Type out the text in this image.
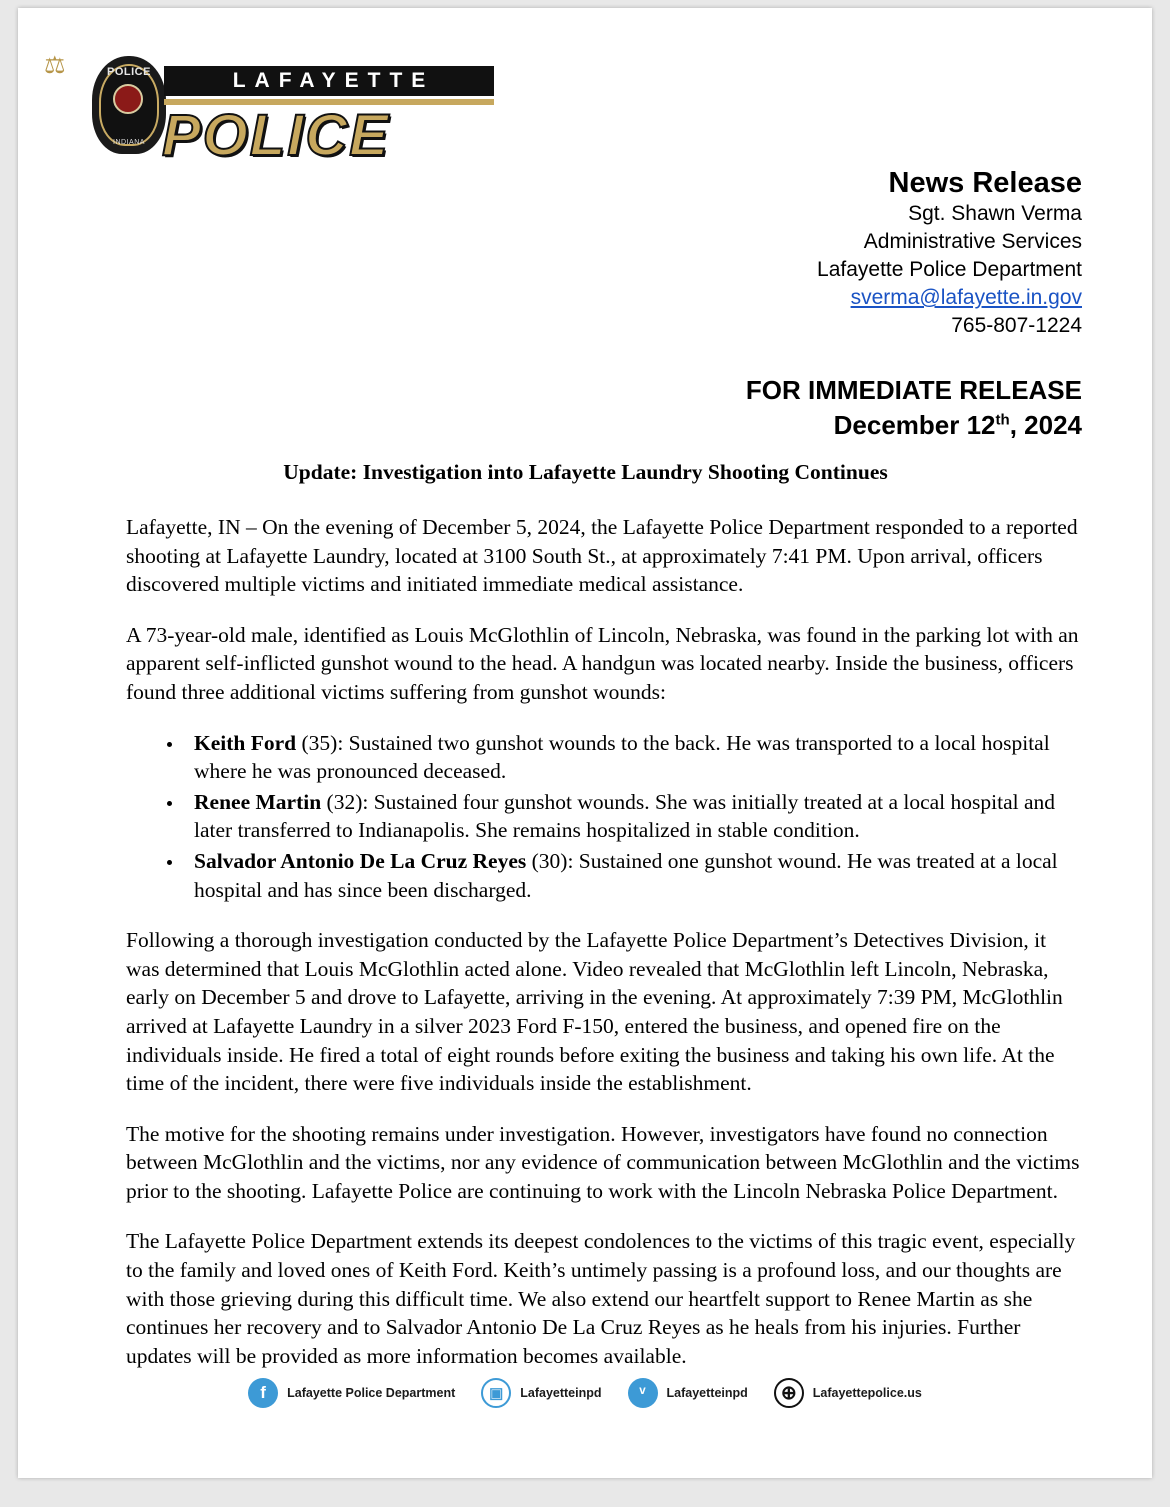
⚖	POLICE
INDIANA
LAFAYETTE
POLICE
News Release
Sgt. Shawn Verma
Administrative Services
Lafayette Police Department
sverma@lafayette.in.gov
765-807-1224
FOR IMMEDIATE RELEASE
December 12th, 2024
Update: Investigation into Lafayette Laundry Shooting Continues

Lafayette, IN – On the evening of December 5, 2024, the Lafayette Police Department responded to a reported shooting at Lafayette Laundry, located at 3100 South St., at approximately 7:41 PM. Upon arrival, officers discovered multiple victims and initiated immediate medical assistance.

A 73-year-old male, identified as Louis McGlothlin of Lincoln, Nebraska, was found in the parking lot with an apparent self-inflicted gunshot wound to the head. A handgun was located nearby. Inside the business, officers found three additional victims suffering from gunshot wounds:

• Keith Ford (35): Sustained two gunshot wounds to the back. He was transported to a local hospital where he was pronounced deceased.
• Renee Martin (32): Sustained four gunshot wounds. She was initially treated at a local hospital and later transferred to Indianapolis. She remains hospitalized in stable condition.
• Salvador Antonio De La Cruz Reyes (30): Sustained one gunshot wound. He was treated at a local hospital and has since been discharged.

Following a thorough investigation conducted by the Lafayette Police Department’s Detectives Division, it was determined that Louis McGlothlin acted alone. Video revealed that McGlothlin left Lincoln, Nebraska, early on December 5 and drove to Lafayette, arriving in the evening. At approximately 7:39 PM, McGlothlin arrived at Lafayette Laundry in a silver 2023 Ford F-150, entered the business, and opened fire on the individuals inside. He fired a total of eight rounds before exiting the business and taking his own life. At the time of the incident, there were five individuals inside the establishment.

The motive for the shooting remains under investigation. However, investigators have found no connection between McGlothlin and the victims, nor any evidence of communication between McGlothlin and the victims prior to the shooting. Lafayette Police are continuing to work with the Lincoln Nebraska Police Department.

The Lafayette Police Department extends its deepest condolences to the victims of this tragic event, especially to the family and loved ones of Keith Ford. Keith’s untimely passing is a profound loss, and our thoughts are with those grieving during this difficult time. We also extend our heartfelt support to Renee Martin as she continues her recovery and to Salvador Antonio De La Cruz Reyes as he heals from his injuries. Further updates will be provided as more information becomes available.

f	Lafayette Police Department	▣	Lafayetteinpd	ᵛ	Lafayetteinpd	⊕	Lafayettepolice.us
